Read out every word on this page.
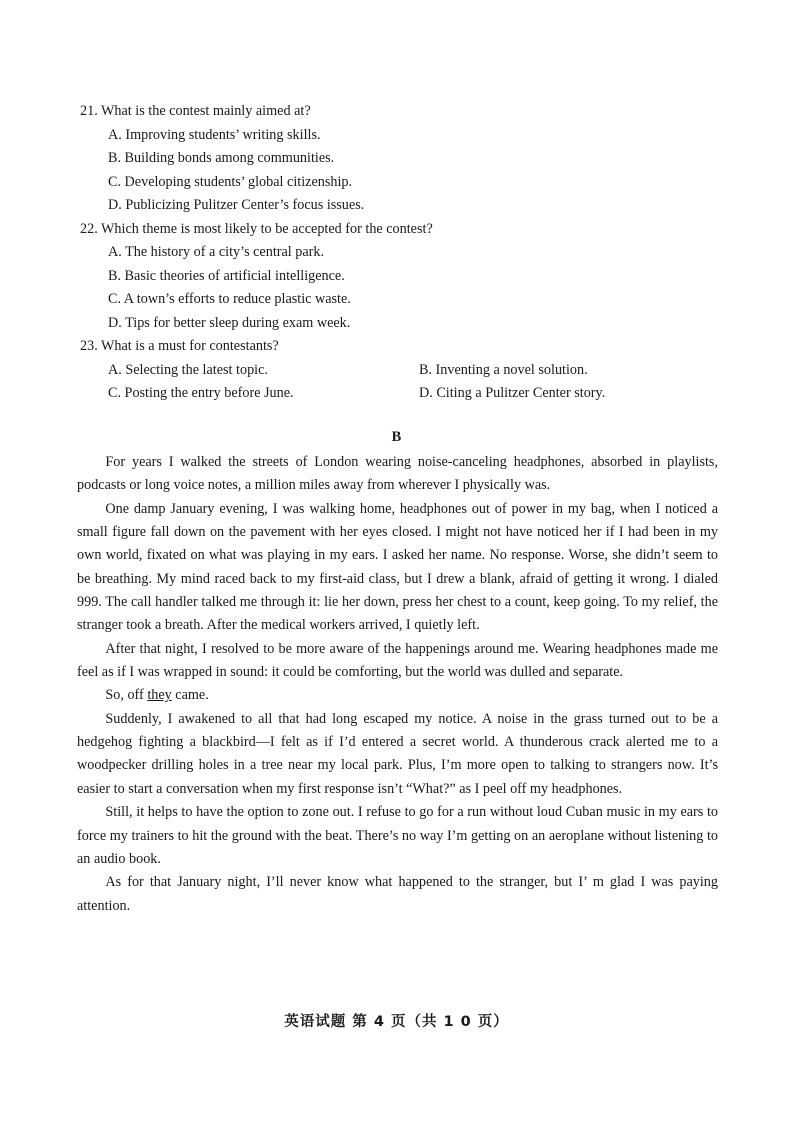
21. What is the contest mainly aimed at?
A. Improving students’ writing skills.
B. Building bonds among communities.
C. Developing students’ global citizenship.
D. Publicizing Pulitzer Center’s focus issues.
22. Which theme is most likely to be accepted for the contest?
A. The history of a city’s central park.
B. Basic theories of artificial intelligence.
C. A town’s efforts to reduce plastic waste.
D. Tips for better sleep during exam week.
23. What is a must for contestants?
A. Selecting the latest topic.	B. Inventing a novel solution.
C. Posting the entry before June.	D. Citing a Pulitzer Center story.
B

For years I walked the streets of London wearing noise-canceling headphones, absorbed in playlists, podcasts or long voice notes, a million miles away from wherever I physically was.

One damp January evening, I was walking home, headphones out of power in my bag, when I noticed a small figure fall down on the pavement with her eyes closed. I might not have noticed her if I had been in my own world, fixated on what was playing in my ears. I asked her name. No response. Worse, she didn’t seem to be breathing. My mind raced back to my first-aid class, but I drew a blank, afraid of getting it wrong. I dialed 999. The call handler talked me through it: lie her down, press her chest to a count, keep going. To my relief, the stranger took a breath. After the medical workers arrived, I quietly left.

After that night, I resolved to be more aware of the happenings around me. Wearing headphones made me feel as if I was wrapped in sound: it could be comforting, but the world was dulled and separate.

So, off they came.

Suddenly, I awakened to all that had long escaped my notice. A noise in the grass turned out to be a hedgehog fighting a blackbird—I felt as if I’d entered a secret world. A thunderous crack alerted me to a woodpecker drilling holes in a tree near my local park. Plus, I’m more open to talking to strangers now. It’s easier to start a conversation when my first response isn’t “What?” as I peel off my headphones.

Still, it helps to have the option to zone out. I refuse to go for a run without loud Cuban music in my ears to force my trainers to hit the ground with the beat. There’s no way I’m getting on an aeroplane without listening to an audio book.

As for that January night, I’ll never know what happened to the stranger, but I’ m glad I was paying attention.

英语试题 第 4 页（共 1 0 页）
